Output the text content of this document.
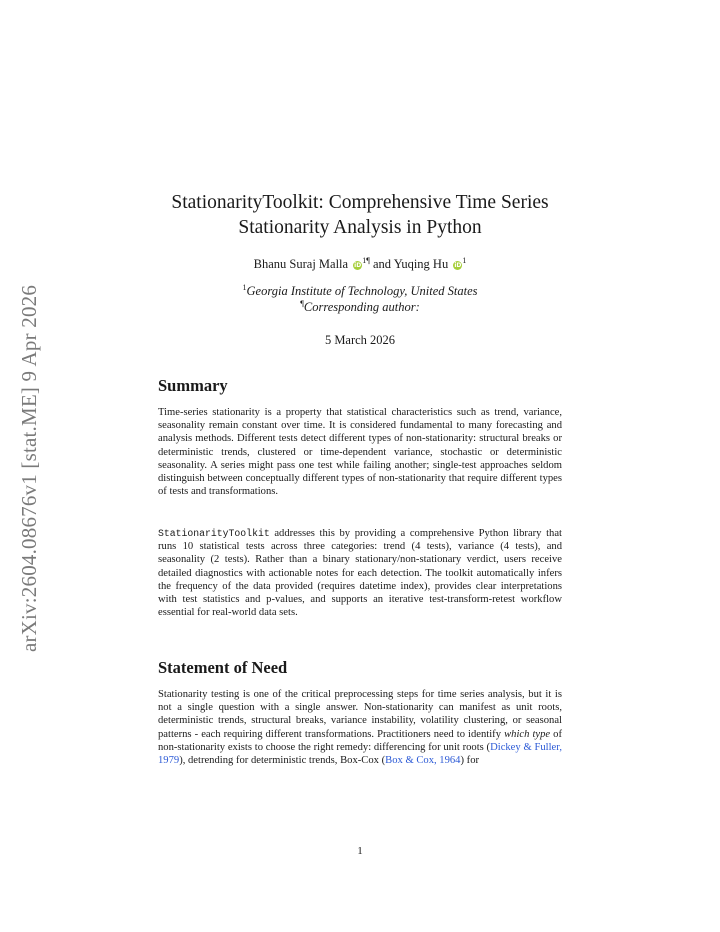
arXiv:2604.08676v1 [stat.ME] 9 Apr 2026
StationarityToolkit: Comprehensive Time Series
Stationarity Analysis in Python
Bhanu Suraj Malla $iD^{1\P}$ and Yuqing Hu $iD^1$
$^1$Georgia Institute of Technology, United States
¶Corresponding author:
5 March 2026
Summary

Time-series stationarity is a property that statistical characteristics such as trend, variance, seasonality remain constant over time. It is considered fundamental to many forecasting and analysis methods. Different tests detect different types of non-stationarity: structural breaks or deterministic trends, clustered or time-dependent variance, stochastic or deterministic seasonality. A series might pass one test while failing another; single-test approaches seldom distinguish between conceptually different types of non-stationarity that require different types of tests and transformations.

StationarityToolkit addresses this by providing a comprehensive Python library that runs 10 statistical tests across three categories: trend (4 tests), variance (4 tests), and seasonality (2 tests). Rather than a binary stationary/non-stationary verdict, users receive detailed diagnostics with actionable notes for each detection. The toolkit automatically infers the frequency of the data provided (requires datetime index), provides clear interpretations with test statistics and p-values, and supports an iterative test-transform-retest workflow essential for real-world data sets.

Statement of Need

Stationarity testing is one of the critical preprocessing steps for time series analysis, but it is not a single question with a single answer. Non-stationarity can manifest as unit roots, deterministic trends, structural breaks, variance instability, volatility clustering, or seasonal patterns - each requiring different transformations. Practitioners need to identify which type of non-stationarity exists to choose the right remedy: differencing for unit roots (Dickey & Fuller, 1979), detrending for deterministic trends, Box-Cox (Box & Cox, 1964) for

1
